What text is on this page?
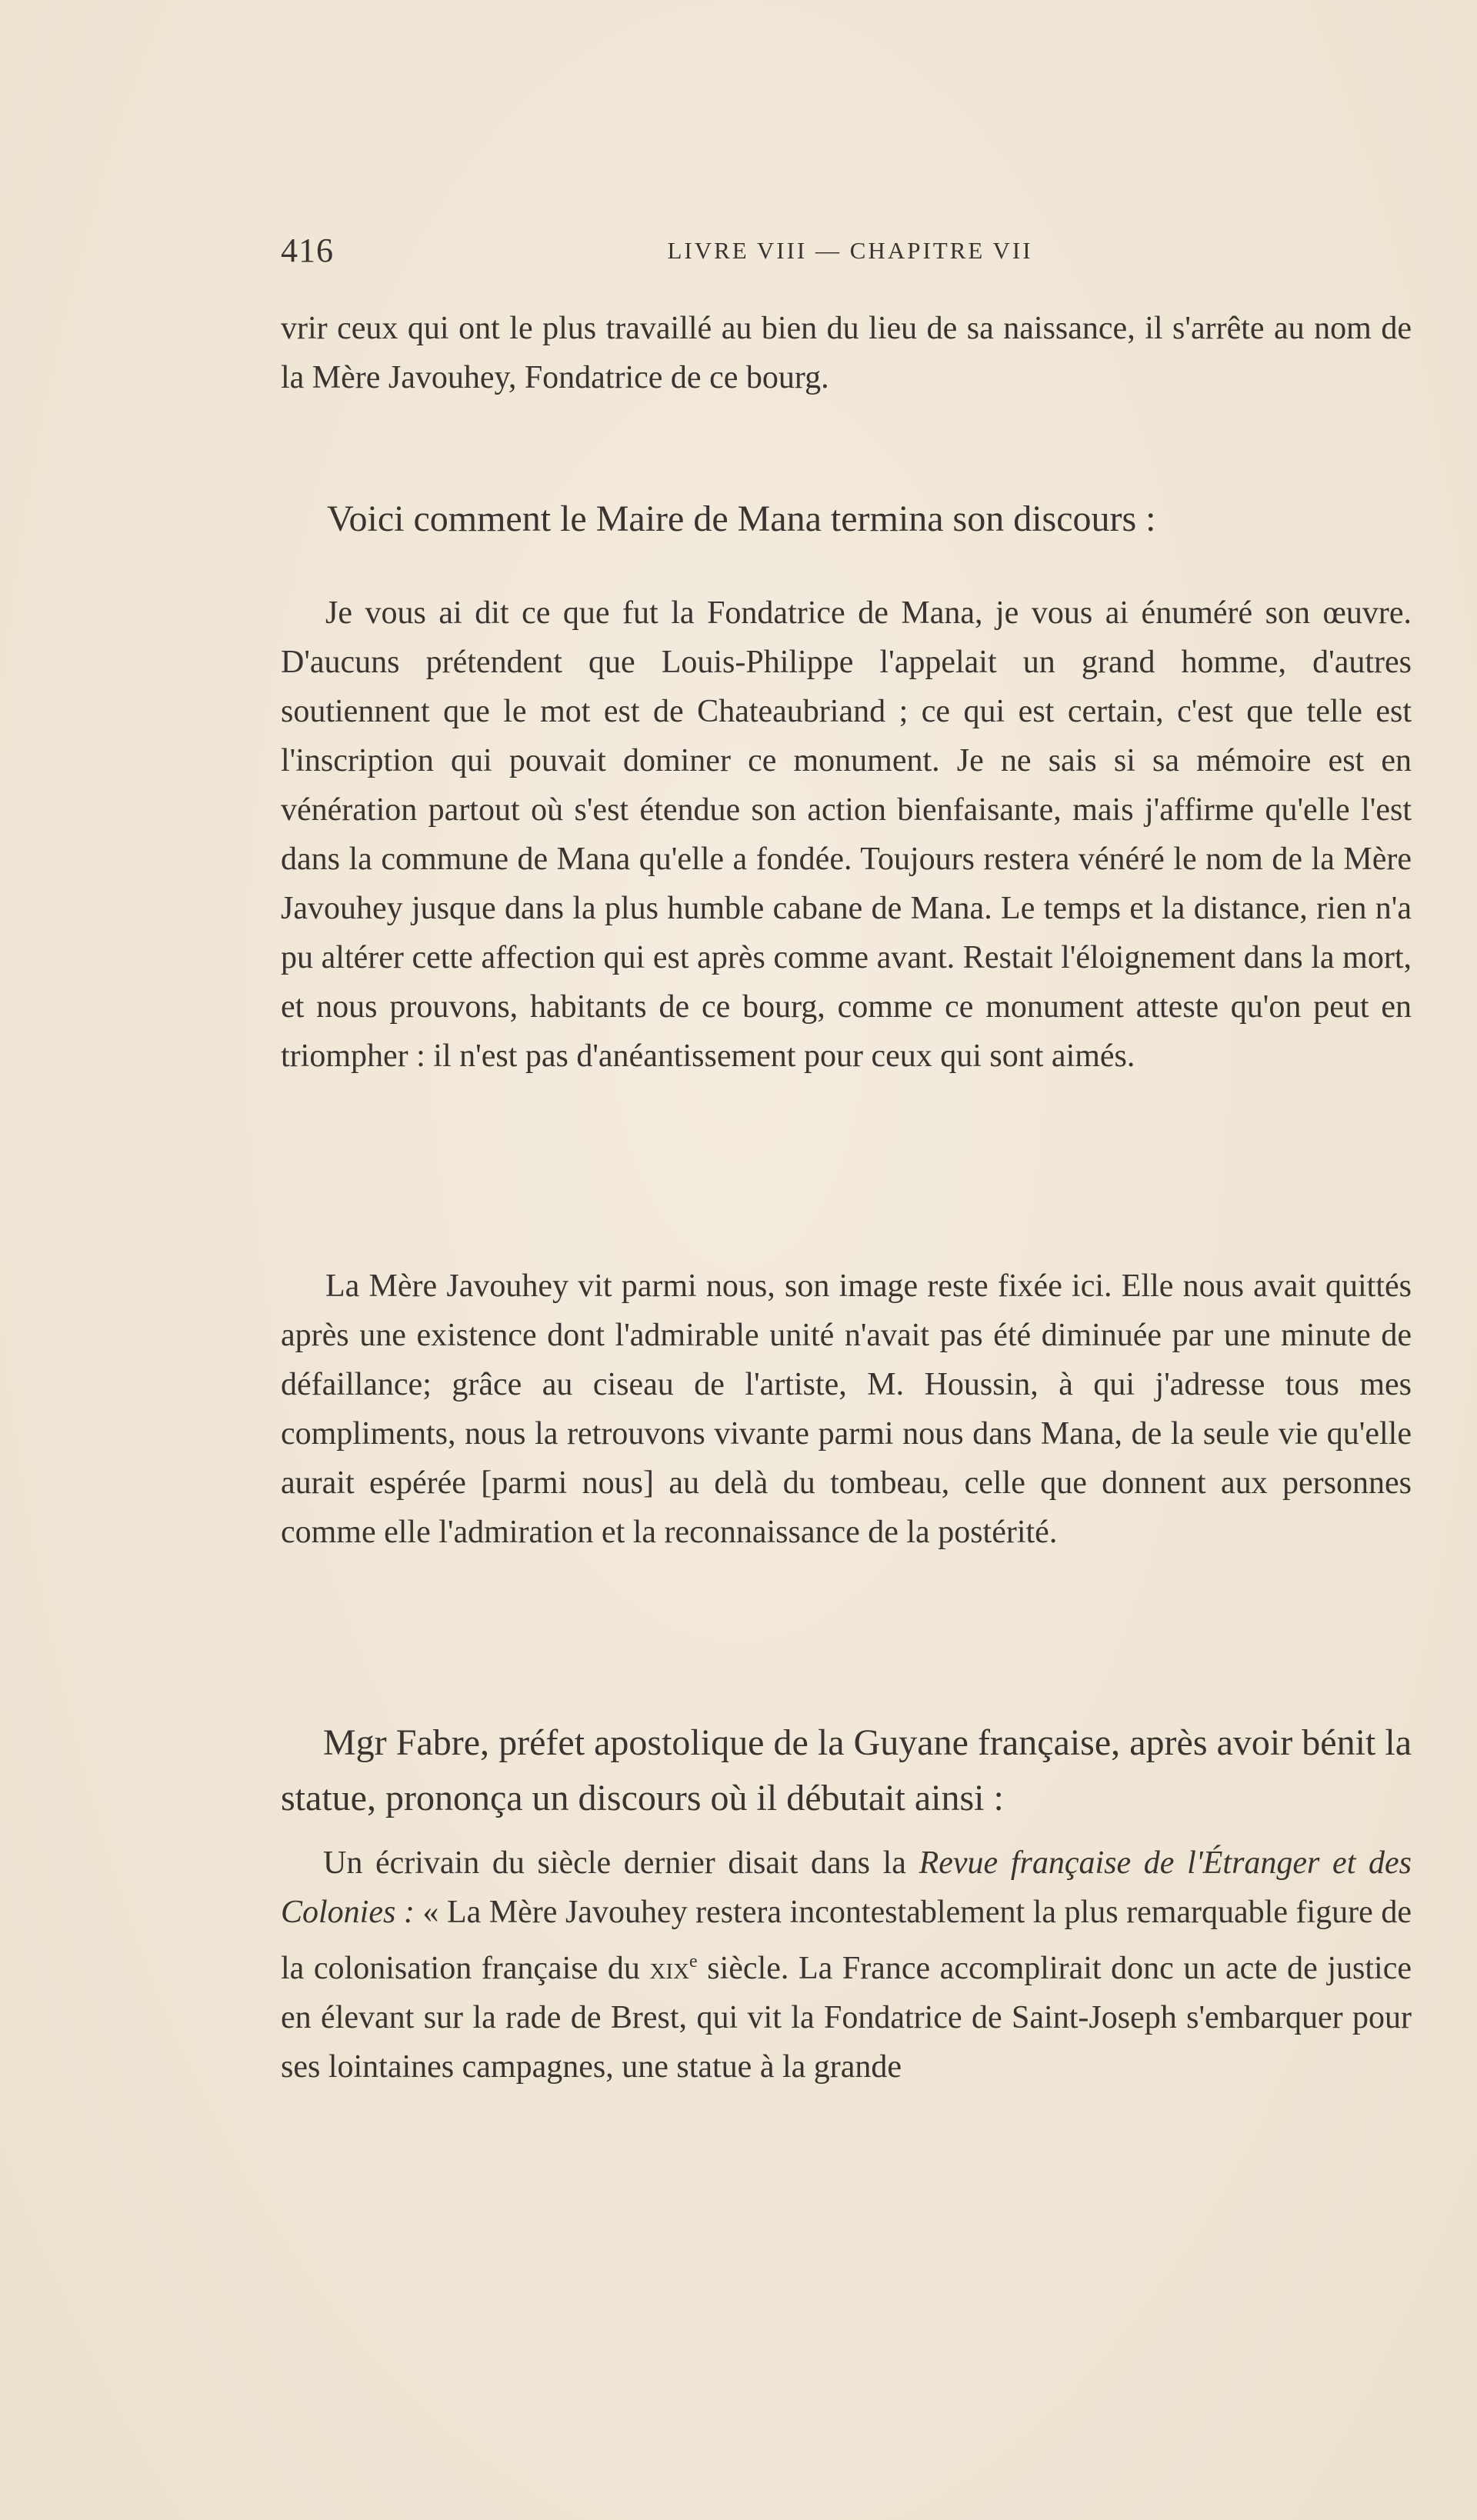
416	LIVRE VIII — CHAPITRE VII
vrir ceux qui ont le plus travaillé au bien du lieu de sa naissance, il s'arrête au nom de la Mère Javouhey, Fondatrice de ce bourg.
Voici comment le Maire de Mana termina son discours :
Je vous ai dit ce que fut la Fondatrice de Mana, je vous ai énuméré son œuvre. D'aucuns prétendent que Louis-Philippe l'appelait un grand homme, d'autres soutiennent que le mot est de Chateaubriand ; ce qui est certain, c'est que telle est l'inscription qui pouvait dominer ce monument. Je ne sais si sa mémoire est en vénération partout où s'est étendue son action bienfaisante, mais j'affirme qu'elle l'est dans la commune de Mana qu'elle a fondée. Toujours restera vénéré le nom de la Mère Javouhey jusque dans la plus humble cabane de Mana. Le temps et la distance, rien n'a pu altérer cette affection qui est après comme avant. Restait l'éloignement dans la mort, et nous prouvons, habitants de ce bourg, comme ce monument atteste qu'on peut en triompher : il n'est pas d'anéantissement pour ceux qui sont aimés.
La Mère Javouhey vit parmi nous, son image reste fixée ici. Elle nous avait quittés après une existence dont l'admirable unité n'avait pas été diminuée par une minute de défaillance; grâce au ciseau de l'artiste, M. Houssin, à qui j'adresse tous mes compliments, nous la retrouvons vivante parmi nous dans Mana, de la seule vie qu'elle aurait espérée [parmi nous] au delà du tombeau, celle que donnent aux personnes comme elle l'admiration et la reconnaissance de la postérité.
Mgr Fabre, préfet apostolique de la Guyane française, après avoir bénit la statue, prononça un discours où il débutait ainsi :
Un écrivain du siècle dernier disait dans la Revue française de l'Étranger et des Colonies : « La Mère Javouhey restera incontestablement la plus remarquable figure de la colonisation française du xix$^e$ siècle. La France accomplirait donc un acte de justice en élevant sur la rade de Brest, qui vit la Fondatrice de Saint-Joseph s'embarquer pour ses lointaines campagnes, une statue à la grande
